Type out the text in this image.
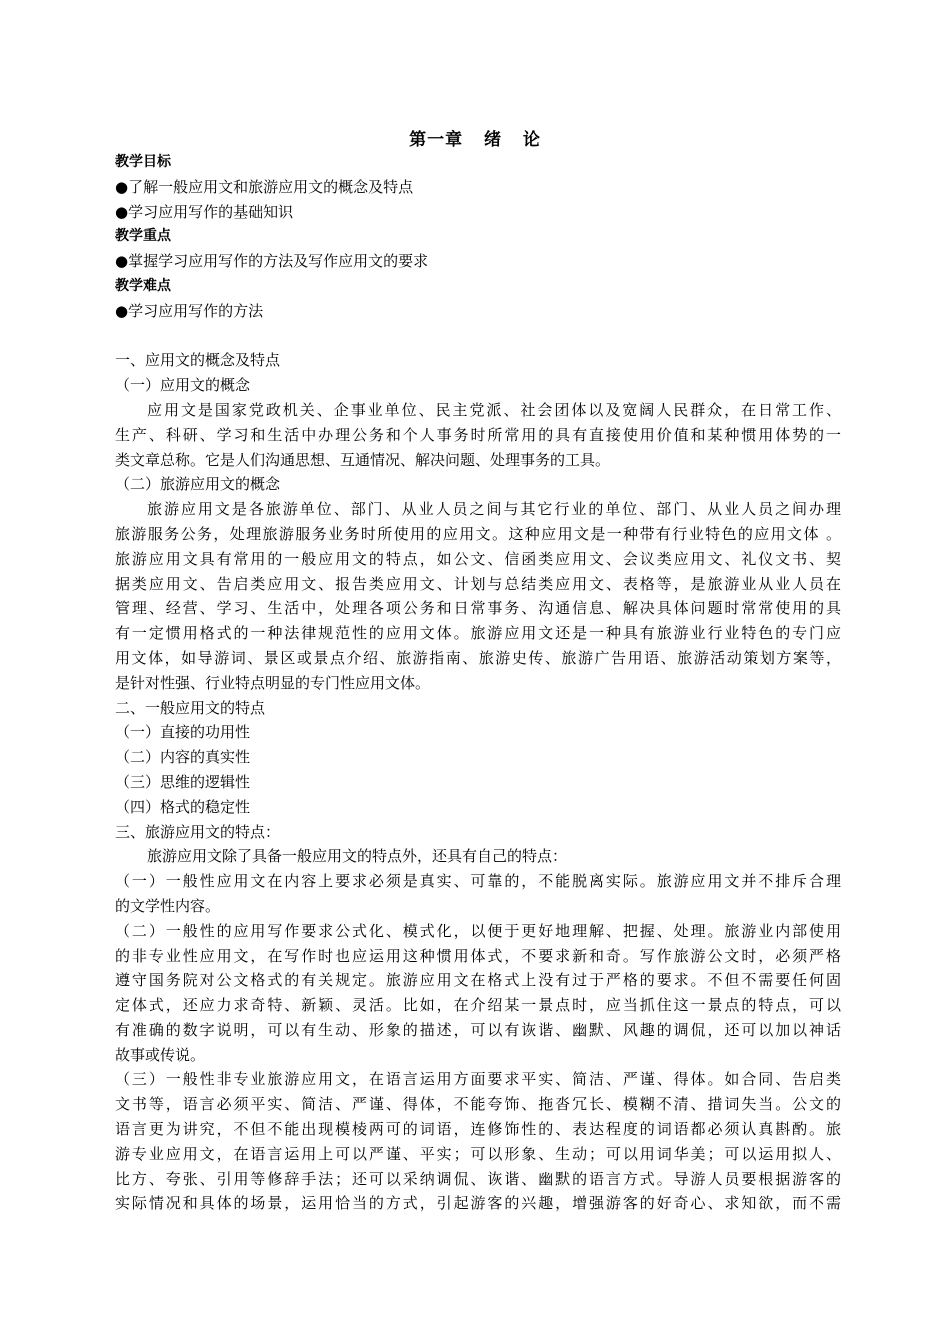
第一章 绪 论
教学目标
●了解一般应用文和旅游应用文的概念及特点
●学习应用写作的基础知识
教学重点
●掌握学习应用写作的方法及写作应用文的要求
教学难点
●学习应用写作的方法
一、应用文的概念及特点
（一）应用文的概念
应用文是国家党政机关、企事业单位、民主党派、社会团体以及宽阔人民群众，在日常工作、
生产、科研、学习和生活中办理公务和个人事务时所常用的具有直接使用价值和某种惯用体势的一
类文章总称。它是人们沟通思想、互通情况、解决问题、处理事务的工具。
（二）旅游应用文的概念
旅游应用文是各旅游单位、部门、从业人员之间与其它行业的单位、部门、从业人员之间办理
旅游服务公务，处理旅游服务业务时所使用的应用文。这种应用文是一种带有行业特色的应用文体 。
旅游应用文具有常用的一般应用文的特点，如公文、信函类应用文、会议类应用文、礼仪文书、契
据类应用文、告启类应用文、报告类应用文、计划与总结类应用文、表格等，是旅游业从业人员在
管理、经营、学习、生活中，处理各项公务和日常事务、沟通信息、解决具体问题时常常使用的具
有一定惯用格式的一种法律规范性的应用文体。旅游应用文还是一种具有旅游业行业特色的专门应
用文体，如导游词、景区或景点介绍、旅游指南、旅游史传、旅游广告用语、旅游活动策划方案等，
是针对性强、行业特点明显的专门性应用文体。
二、一般应用文的特点
（一）直接的功用性
（二）内容的真实性
（三）思维的逻辑性
（四）格式的稳定性
三、旅游应用文的特点：
旅游应用文除了具备一般应用文的特点外，还具有自己的特点：
（一）一般性应用文在内容上要求必须是真实、可靠的，不能脱离实际。旅游应用文并不排斥合理
的文学性内容。
（二）一般性的应用写作要求公式化、模式化，以便于更好地理解、把握、处理。旅游业内部使用
的非专业性应用文，在写作时也应运用这种惯用体式，不要求新和奇。写作旅游公文时，必须严格
遵守国务院对公文格式的有关规定。旅游应用文在格式上没有过于严格的要求。不但不需要任何固
定体式，还应力求奇特、新颖、灵活。比如，在介绍某一景点时，应当抓住这一景点的特点，可以
有准确的数字说明，可以有生动、形象的描述，可以有诙谐、幽默、风趣的调侃，还可以加以神话
故事或传说。
（三）一般性非专业旅游应用文，在语言运用方面要求平实、简洁、严谨、得体。如合同、告启类
文书等，语言必须平实、简洁、严谨、得体，不能夸饰、拖沓冗长、模糊不清、措词失当。公文的
语言更为讲究，不但不能出现模棱两可的词语，连修饰性的、表达程度的词语都必须认真斟酌。旅
游专业应用文，在语言运用上可以严谨、平实；可以形象、生动；可以用词华美；可以运用拟人、
比方、夸张、引用等修辞手法；还可以采纳调侃、诙谐、幽默的语言方式。导游人员要根据游客的
实际情况和具体的场景，运用恰当的方式，引起游客的兴趣，增强游客的好奇心、求知欲，而不需
